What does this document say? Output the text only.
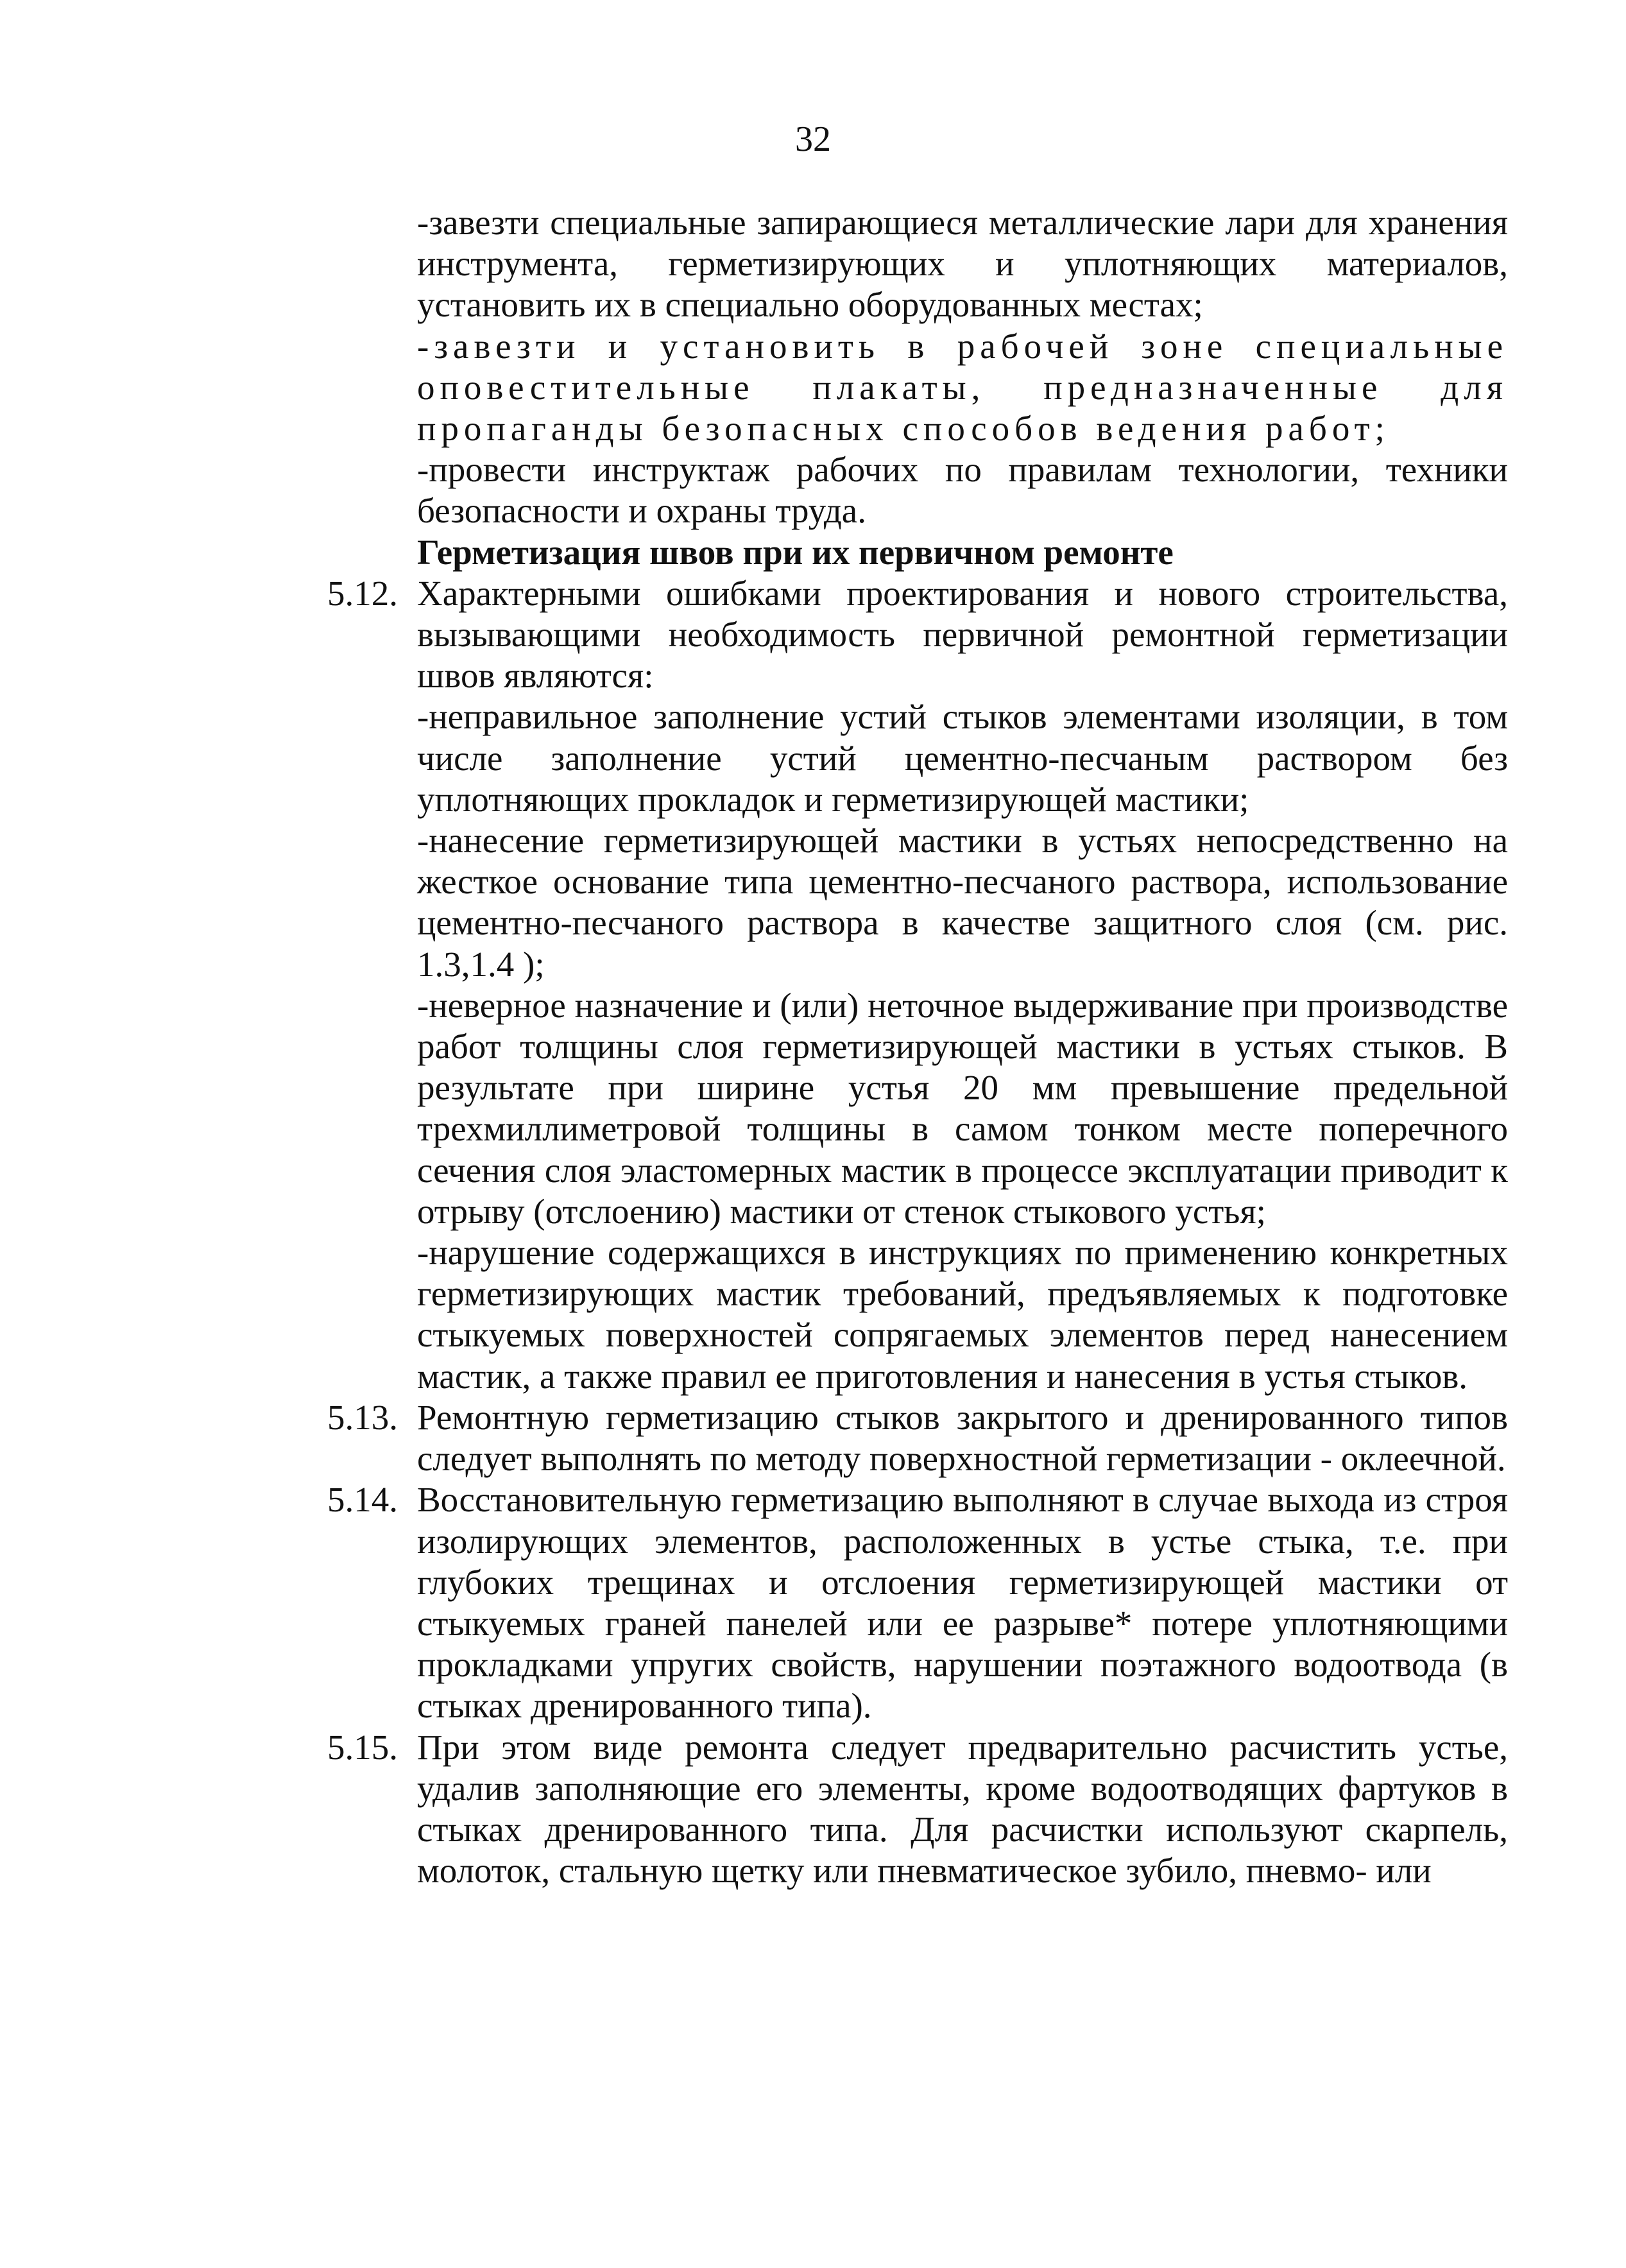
32

-завезти специальные запирающиеся металлические лари для хранения инструмента, герметизирующих и уплотняющих материалов, установить их в специально оборудованных местах;

-завезти и установить в рабочей зоне специальные оповестительные плакаты, предназначенные для пропаганды безопасных способов ведения работ;

-провести инструктаж рабочих по правилам технологии, техники безопасности и охраны труда.

Герметизация швов при их первичном ремонте

5.12. Характерными ошибками проектирования и нового строительства, вызывающими необходимость первичной ремонтной герметизации швов являются:

-неправильное заполнение устий стыков элементами изоляции, в том числе заполнение устий цементно-песчаным раствором без уплотняющих прокладок и герметизирующей мастики;

-нанесение герметизирующей мастики в устьях непосредственно на жесткое основание типа цементно-песчаного раствора, использование цементно-песчаного раствора в качестве защитного слоя (см. рис. 1.3,1.4 );

-неверное назначение и (или) неточное выдерживание при производстве работ толщины слоя герметизирующей мастики в устьях стыков. В результате при ширине устья 20 мм превышение предельной трехмиллиметровой толщины в самом тонком месте поперечного сечения слоя эластомерных мастик в процессе эксплуатации приводит к отрыву (отслоению) мастики от стенок стыкового устья;

-нарушение содержащихся в инструкциях по применению конкретных герметизирующих мастик требований, предъявляемых к подготовке стыкуемых поверхностей сопрягаемых элементов перед нанесением мастик, а также правил ее приготовления и нанесения в устья стыков.

5.13. Ремонтную герметизацию стыков закрытого и дренированного типов следует выполнять по методу поверхностной герметизации - оклеечной.

5.14. Восстановительную герметизацию выполняют в случае выхода из строя изолирующих элементов, расположенных в устье стыка, т.е. при глубоких трещинах и отслоения герметизирующей мастики от стыкуемых граней панелей или ее разрыве* потере уплотняющими прокладками упругих свойств, нарушении поэтажного водоотвода (в стыках дренированного типа).

5.15. При этом виде ремонта следует предварительно расчистить устье, удалив заполняющие его элементы, кроме водоотводящих фартуков в стыках дренированного типа. Для расчистки используют скарпель, молоток, стальную щетку или пневматическое зубило, пневмо- или
